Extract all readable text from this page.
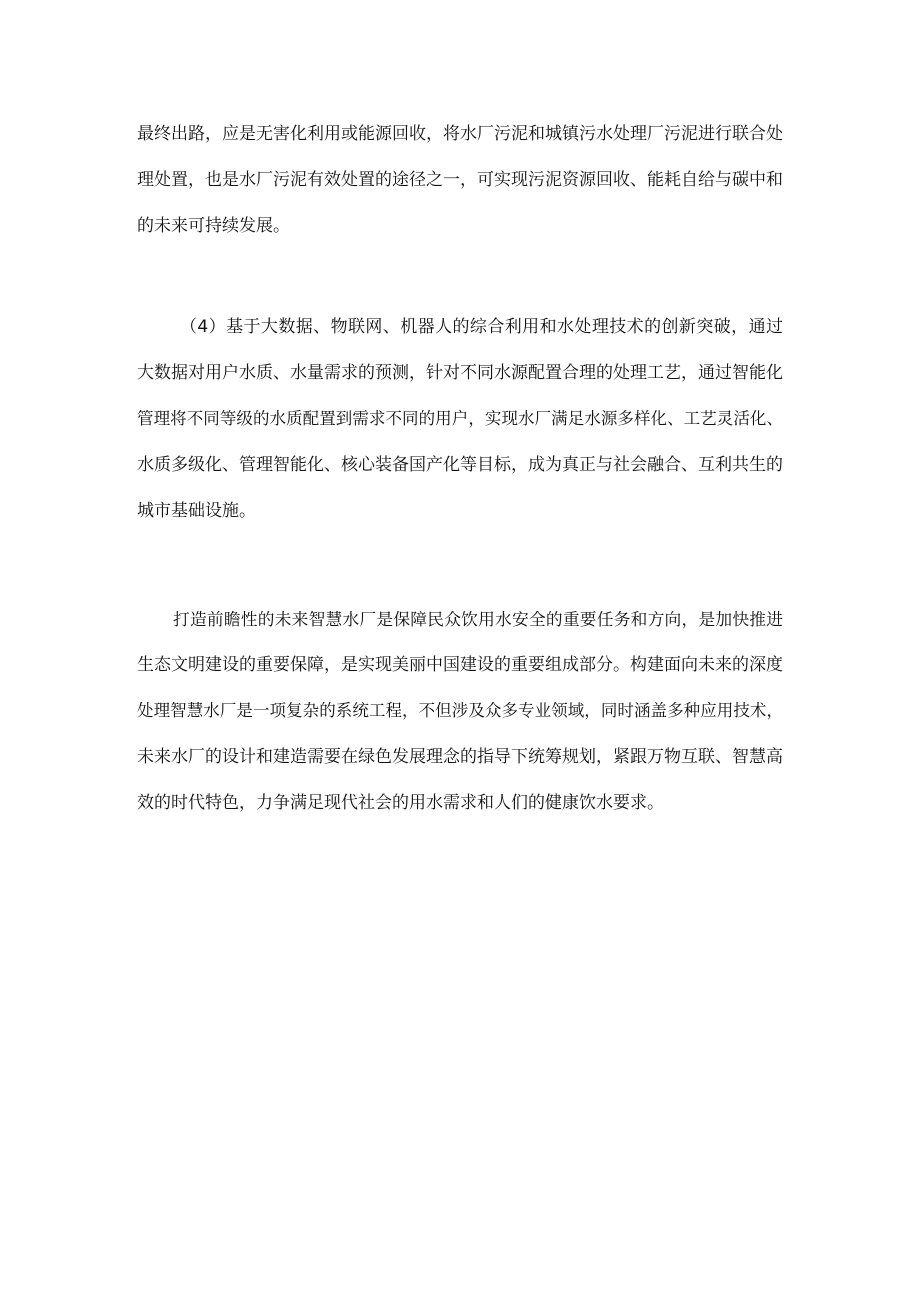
最终出路，应是无害化利用或能源回收，将水厂污泥和城镇污水处理厂污泥进行联合处
理处置，也是水厂污泥有效处置的途径之一，可实现污泥资源回收、能耗自给与碳中和
的未来可持续发展。
（4）基于大数据、物联网、机器人的综合利用和水处理技术的创新突破，通过
大数据对用户水质、水量需求的预测，针对不同水源配置合理的处理工艺，通过智能化
管理将不同等级的水质配置到需求不同的用户，实现水厂满足水源多样化、工艺灵活化、
水质多级化、管理智能化、核心装备国产化等目标，成为真正与社会融合、互利共生的
城市基础设施。
打造前瞻性的未来智慧水厂是保障民众饮用水安全的重要任务和方向，是加快推进
生态文明建设的重要保障，是实现美丽中国建设的重要组成部分。构建面向未来的深度
处理智慧水厂是一项复杂的系统工程，不但涉及众多专业领域，同时涵盖多种应用技术，
未来水厂的设计和建造需要在绿色发展理念的指导下统筹规划，紧跟万物互联、智慧高
效的时代特色，力争满足现代社会的用水需求和人们的健康饮水要求。
